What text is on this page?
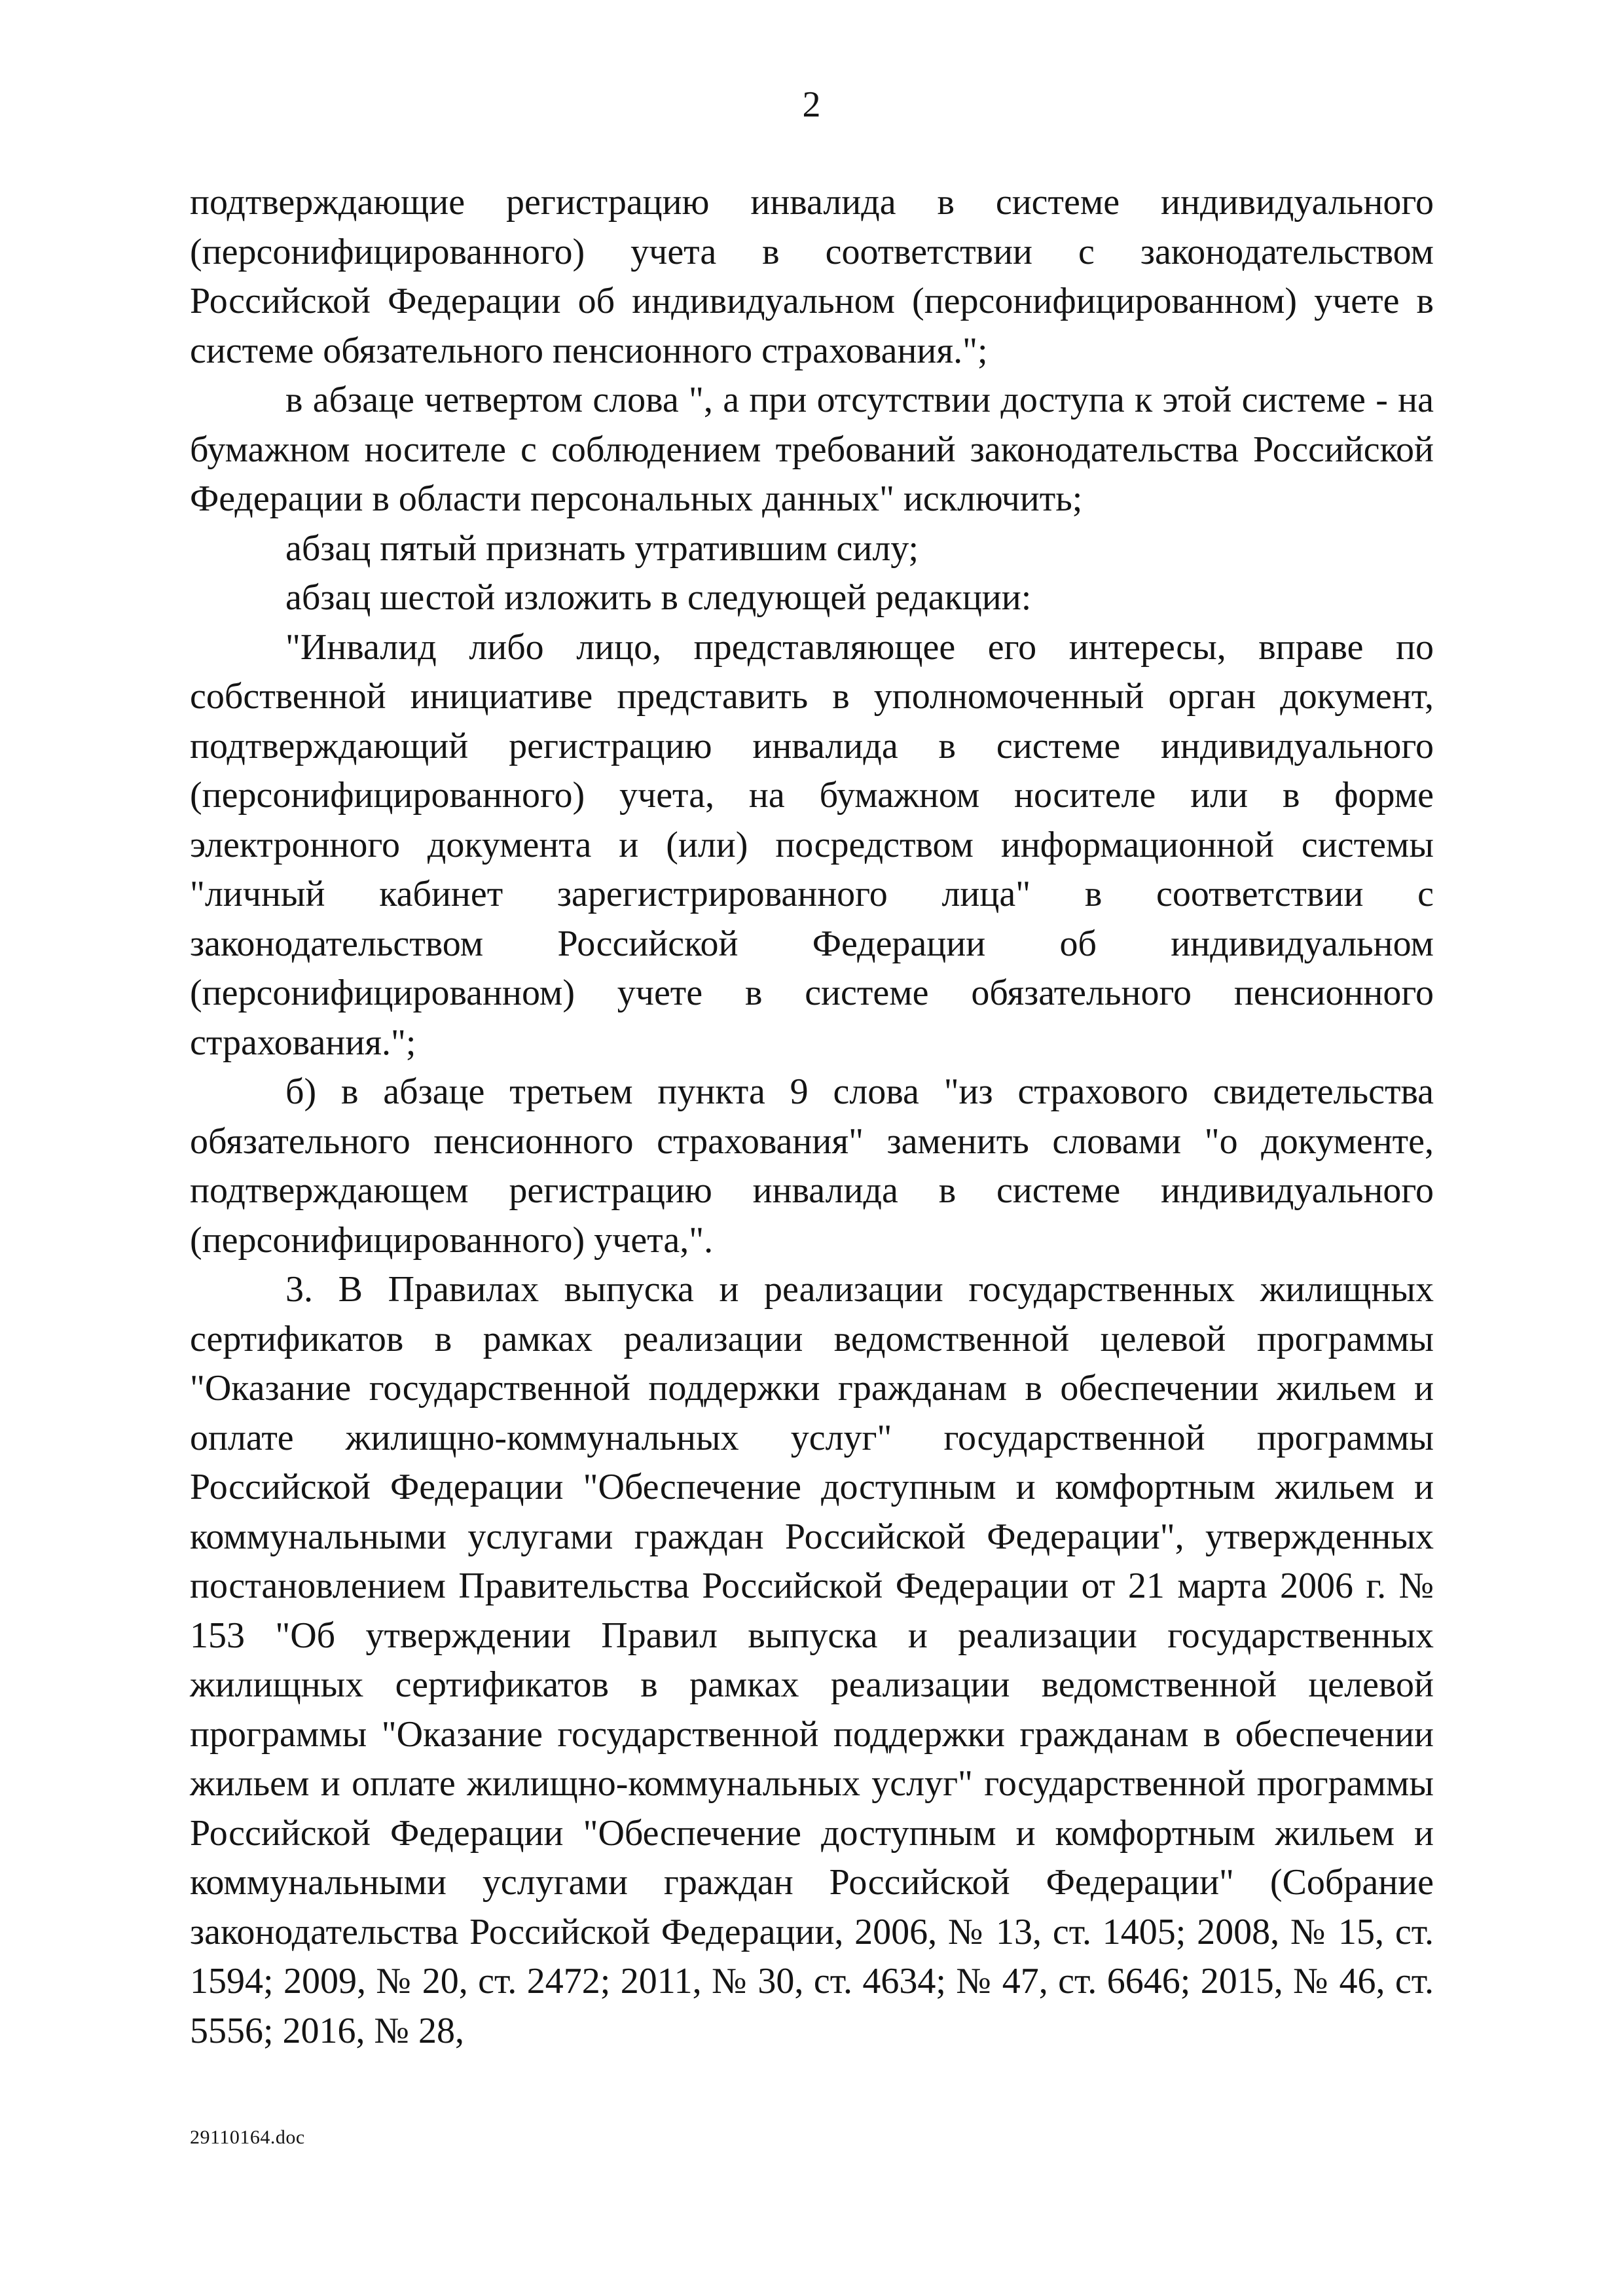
2

подтверждающие регистрацию инвалида в системе индивидуального (персонифицированного) учета в соответствии с законодательством Российской Федерации об индивидуальном (персонифицированном) учете в системе обязательного пенсионного страхования.";

в абзаце четвертом слова ", а при отсутствии доступа к этой системе - на бумажном носителе с соблюдением требований законодательства Российской Федерации в области персональных данных" исключить;

абзац пятый признать утратившим силу;

абзац шестой изложить в следующей редакции:

"Инвалид либо лицо, представляющее его интересы, вправе по собственной инициативе представить в уполномоченный орган документ, подтверждающий регистрацию инвалида в системе индивидуального (персонифицированного) учета, на бумажном носителе или в форме электронного документа и (или) посредством информационной системы "личный кабинет зарегистрированного лица" в соответствии с законодательством Российской Федерации об индивидуальном (персонифицированном) учете в системе обязательного пенсионного страхования.";

б) в абзаце третьем пункта 9 слова "из страхового свидетельства обязательного пенсионного страхования" заменить словами "о документе, подтверждающем регистрацию инвалида в системе индивидуального (персонифицированного) учета,".

3. В Правилах выпуска и реализации государственных жилищных сертификатов в рамках реализации ведомственной целевой программы "Оказание государственной поддержки гражданам в обеспечении жильем и оплате жилищно-коммунальных услуг" государственной программы Российской Федерации "Обеспечение доступным и комфортным жильем и коммунальными услугами граждан Российской Федерации", утвержденных постановлением Правительства Российской Федерации от 21 марта 2006 г. № 153 "Об утверждении Правил выпуска и реализации государственных жилищных сертификатов в рамках реализации ведомственной целевой программы "Оказание государственной поддержки гражданам в обеспечении жильем и оплате жилищно-коммунальных услуг" государственной программы Российской Федерации "Обеспечение доступным и комфортным жильем и коммунальными услугами граждан Российской Федерации" (Собрание законодательства Российской Федерации, 2006, № 13, ст. 1405; 2008, № 15, ст. 1594; 2009, № 20, ст. 2472; 2011, № 30, ст. 4634; № 47, ст. 6646; 2015, № 46, ст. 5556; 2016, № 28,

29110164.doc
